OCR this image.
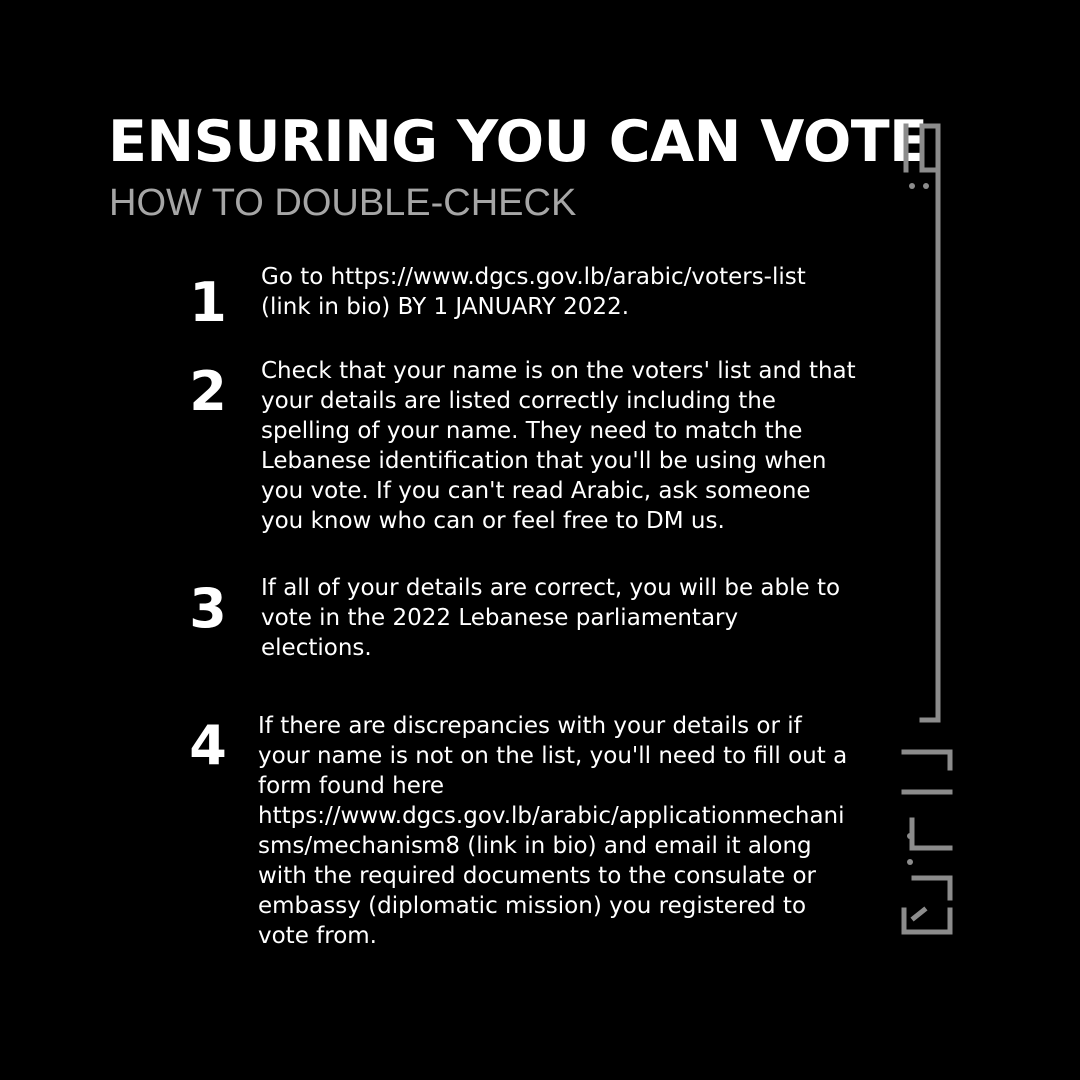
ENSURING YOU CAN VOTE
HOW TO DOUBLE-CHECK
1	Go to https://www.dgcs.gov.lb/arabic/voters-list
(link in bio) BY 1 JANUARY 2022.
2	Check that your name is on the voters' list and that
your details are listed correctly including the
spelling of your name. They need to match the
Lebanese identification that you'll be using when
you vote. If you can't read Arabic, ask someone
you know who can or feel free to DM us.
3	If all of your details are correct, you will be able to
vote in the 2022 Lebanese parliamentary
elections.
4	If there are discrepancies with your details or if
your name is not on the list, you'll need to fill out a
form found here
https://www.dgcs.gov.lb/arabic/applicationmechani
sms/mechanism8 (link in bio) and email it along
with the required documents to the consulate or
embassy (diplomatic mission) you registered to
vote from.
